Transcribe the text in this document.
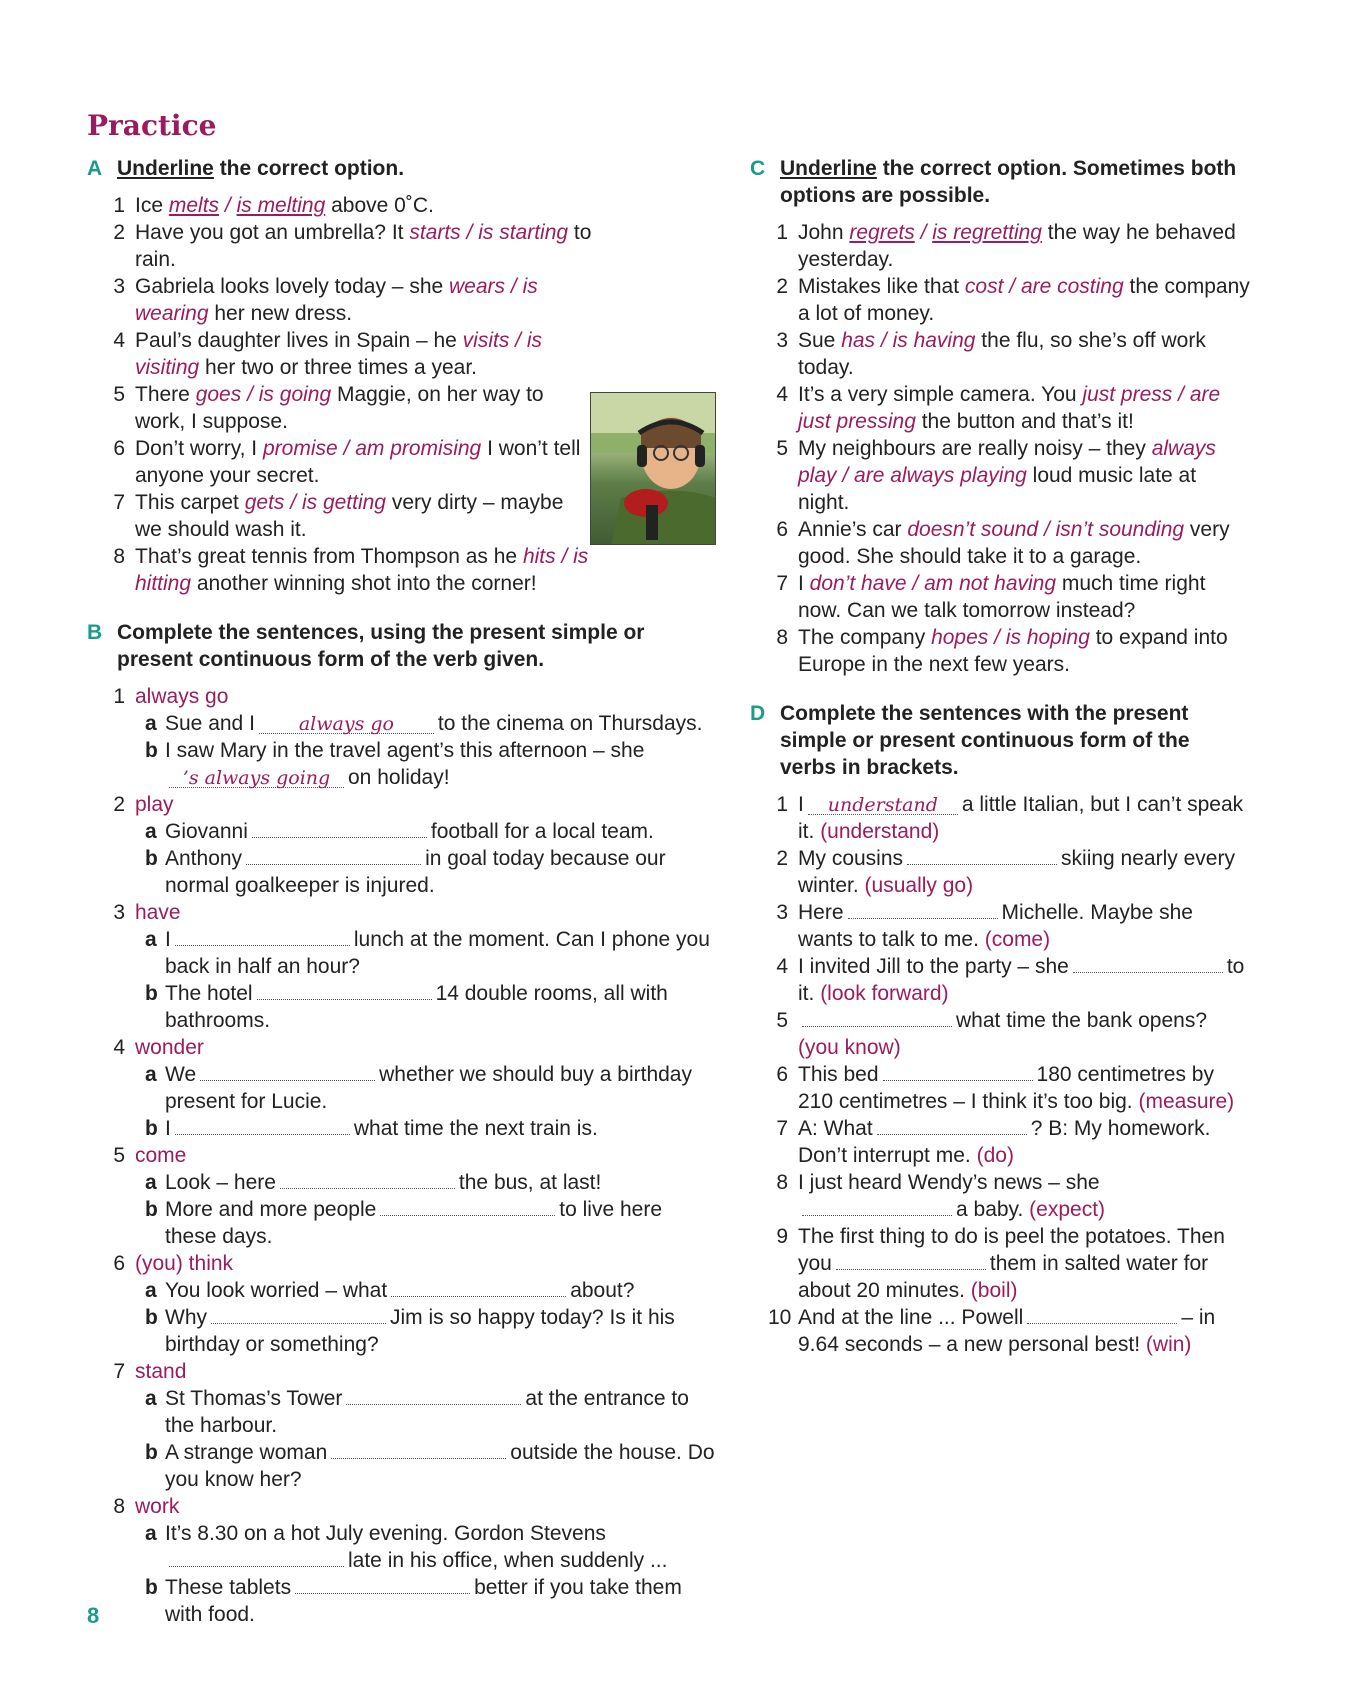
Practice
A Underline the correct option.
1 Ice melts / is melting above 0˚C.
2 Have you got an umbrella? It starts / is starting to rain.
3 Gabriela looks lovely today – she wears / is wearing her new dress.
4 Paul’s daughter lives in Spain – he visits / is visiting her two or three times a year.
5 There goes / is going Maggie, on her way to work, I suppose.
6 Don’t worry, I promise / am promising I won’t tell anyone your secret.
7 This carpet gets / is getting very dirty – maybe we should wash it.
8 That’s great tennis from Thompson as he hits / is hitting another winning shot into the corner!
B Complete the sentences, using the present simple or present continuous form of the verb given.
1 always go
a Sue and I always go to the cinema on Thursdays.
b I saw Mary in the travel agent’s this afternoon – she’s always going on holiday!
2 play
a Giovanni	football for a local team.
b Anthony	in goal today because our normal goalkeeper is injured.
3 have
a I	lunch at the moment. Can I phone you back in half an hour?
b The hotel	14 double rooms, all with bathrooms.
4 wonder
a We	whether we should buy a birthday present for Lucie.
b I	what time the next train is.
5 come
a Look – here	the bus, at last!
b More and more people	to live here these days.
6 (you) think
a You look worried – what	about?
b Why	Jim is so happy today? Is it his birthday or something?
7 stand
a St Thomas’s Tower	at the entrance to the harbour.
b A strange woman	outside the house. Do you know her?
8 work
a It’s 8.30 on a hot July evening. Gordon Stevenslate in his office, when suddenly ...
b These tablets	better if you take them with food.
C Underline the correct option. Sometimes both options are possible.
1 John regrets / is regretting the way he behaved yesterday.
2 Mistakes like that cost / are costing the company a lot of money.
3 Sue has / is having the flu, so she’s off work today.
4 It’s a very simple camera. You just press / are just pressing the button and that’s it!
5 My neighbours are really noisy – they always play / are always playing loud music late at night.
6 Annie’s car doesn’t sound / isn’t sounding very good. She should take it to a garage.
7 I don’t have / am not having much time right now. Can we talk tomorrow instead?
8 The company hopes / is hoping to expand into Europe in the next few years.
D Complete the sentences with the present simple or present continuous form of the verbs in brackets.
1 I understand a little Italian, but I can’t speak it. (understand)
2 My cousins	skiing nearly every winter. (usually go)
3 Here	Michelle. Maybe she wants to talk to me. (come)
4 I invited Jill to the party – she	to it. (look forward)
5	what time the bank opens? (you know)
6 This bed	180 centimetres by 210 centimetres – I think it’s too big. (measure)
7 A: What	? B: My homework. Don’t interrupt me. (do)
8 I just heard Wendy’s news – shea baby. (expect)
9 The first thing to do is peel the potatoes. Then you	them in salted water for about 20 minutes. (boil)
10 And at the line ... Powell	– in 9.64 seconds – a new personal best! (win)
8
